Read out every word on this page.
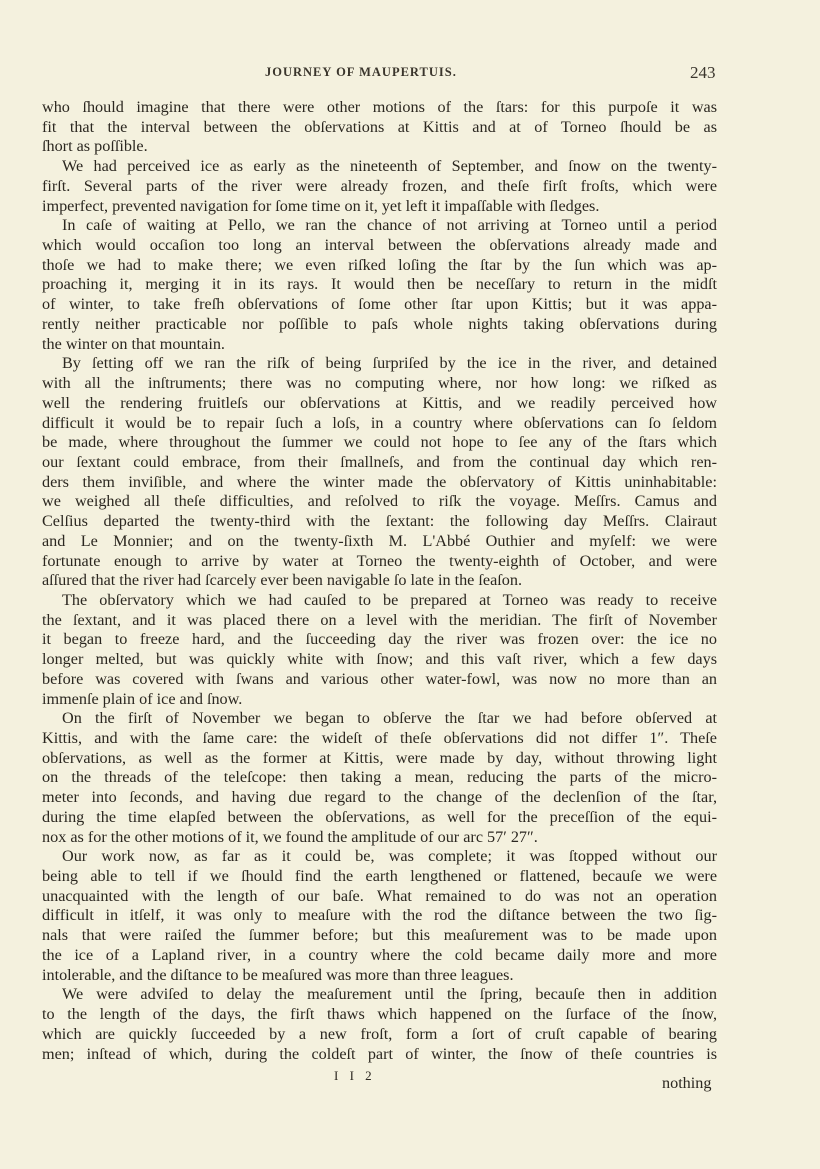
JOURNEY OF MAUPERTUIS.	243
who ſhould imagine that there were other motions of the ſtars: for this purpoſe it was
fit that the interval between the obſervations at Kittis and at of Torneo ſhould be as
ſhort as poſſible.
We had perceived ice as early as the nineteenth of September, and ſnow on the twenty-
firſt. Several parts of the river were already frozen, and theſe firſt froſts, which were
imperfect, prevented navigation for ſome time on it, yet left it impaſſable with ſledges.
In caſe of waiting at Pello, we ran the chance of not arriving at Torneo until a period
which would occaſion too long an interval between the obſervations already made and
thoſe we had to make there; we even riſked loſing the ſtar by the ſun which was ap-
proaching it, merging it in its rays. It would then be neceſſary to return in the midſt
of winter, to take freſh obſervations of ſome other ſtar upon Kittis; but it was appa-
rently neither practicable nor poſſible to paſs whole nights taking obſervations during
the winter on that mountain.
By ſetting off we ran the riſk of being ſurpriſed by the ice in the river, and detained
with all the inſtruments; there was no computing where, nor how long: we riſked as
well the rendering fruitleſs our obſervations at Kittis, and we readily perceived how
difficult it would be to repair ſuch a loſs, in a country where obſervations can ſo ſeldom
be made, where throughout the ſummer we could not hope to ſee any of the ſtars which
our ſextant could embrace, from their ſmallneſs, and from the continual day which ren-
ders them inviſible, and where the winter made the obſervatory of Kittis uninhabitable:
we weighed all theſe difficulties, and reſolved to riſk the voyage. Meſſrs. Camus and
Celſius departed the twenty-third with the ſextant: the following day Meſſrs. Clairaut
and Le Monnier; and on the twenty-ſixth M. L'Abbé Outhier and myſelf: we were
fortunate enough to arrive by water at Torneo the twenty-eighth of October, and were
aſſured that the river had ſcarcely ever been navigable ſo late in the ſeaſon.
The obſervatory which we had cauſed to be prepared at Torneo was ready to receive
the ſextant, and it was placed there on a level with the meridian. The firſt of November
it began to freeze hard, and the ſucceeding day the river was frozen over: the ice no
longer melted, but was quickly white with ſnow; and this vaſt river, which a few days
before was covered with ſwans and various other water-fowl, was now no more than an
immenſe plain of ice and ſnow.
On the firſt of November we began to obſerve the ſtar we had before obſerved at
Kittis, and with the ſame care: the wideſt of theſe obſervations did not differ 1″. Theſe
obſervations, as well as the former at Kittis, were made by day, without throwing light
on the threads of the teleſcope: then taking a mean, reducing the parts of the micro-
meter into ſeconds, and having due regard to the change of the declenſion of the ſtar,
during the time elapſed between the obſervations, as well for the preceſſion of the equi-
nox as for the other motions of it, we found the amplitude of our arc 57′ 27″.
Our work now, as far as it could be, was complete; it was ſtopped without our
being able to tell if we ſhould find the earth lengthened or flattened, becauſe we were
unacquainted with the length of our baſe. What remained to do was not an operation
difficult in itſelf, it was only to meaſure with the rod the diſtance between the two ſig-
nals that were raiſed the ſummer before; but this meaſurement was to be made upon
the ice of a Lapland river, in a country where the cold became daily more and more
intolerable, and the diſtance to be meaſured was more than three leagues.
We were adviſed to delay the meaſurement until the ſpring, becauſe then in addition
to the length of the days, the firſt thaws which happened on the ſurface of the ſnow,
which are quickly ſucceeded by a new froſt, form a ſort of cruſt capable of bearing
men; inſtead of which, during the coldeſt part of winter, the ſnow of theſe countries is
I I 2	nothing
